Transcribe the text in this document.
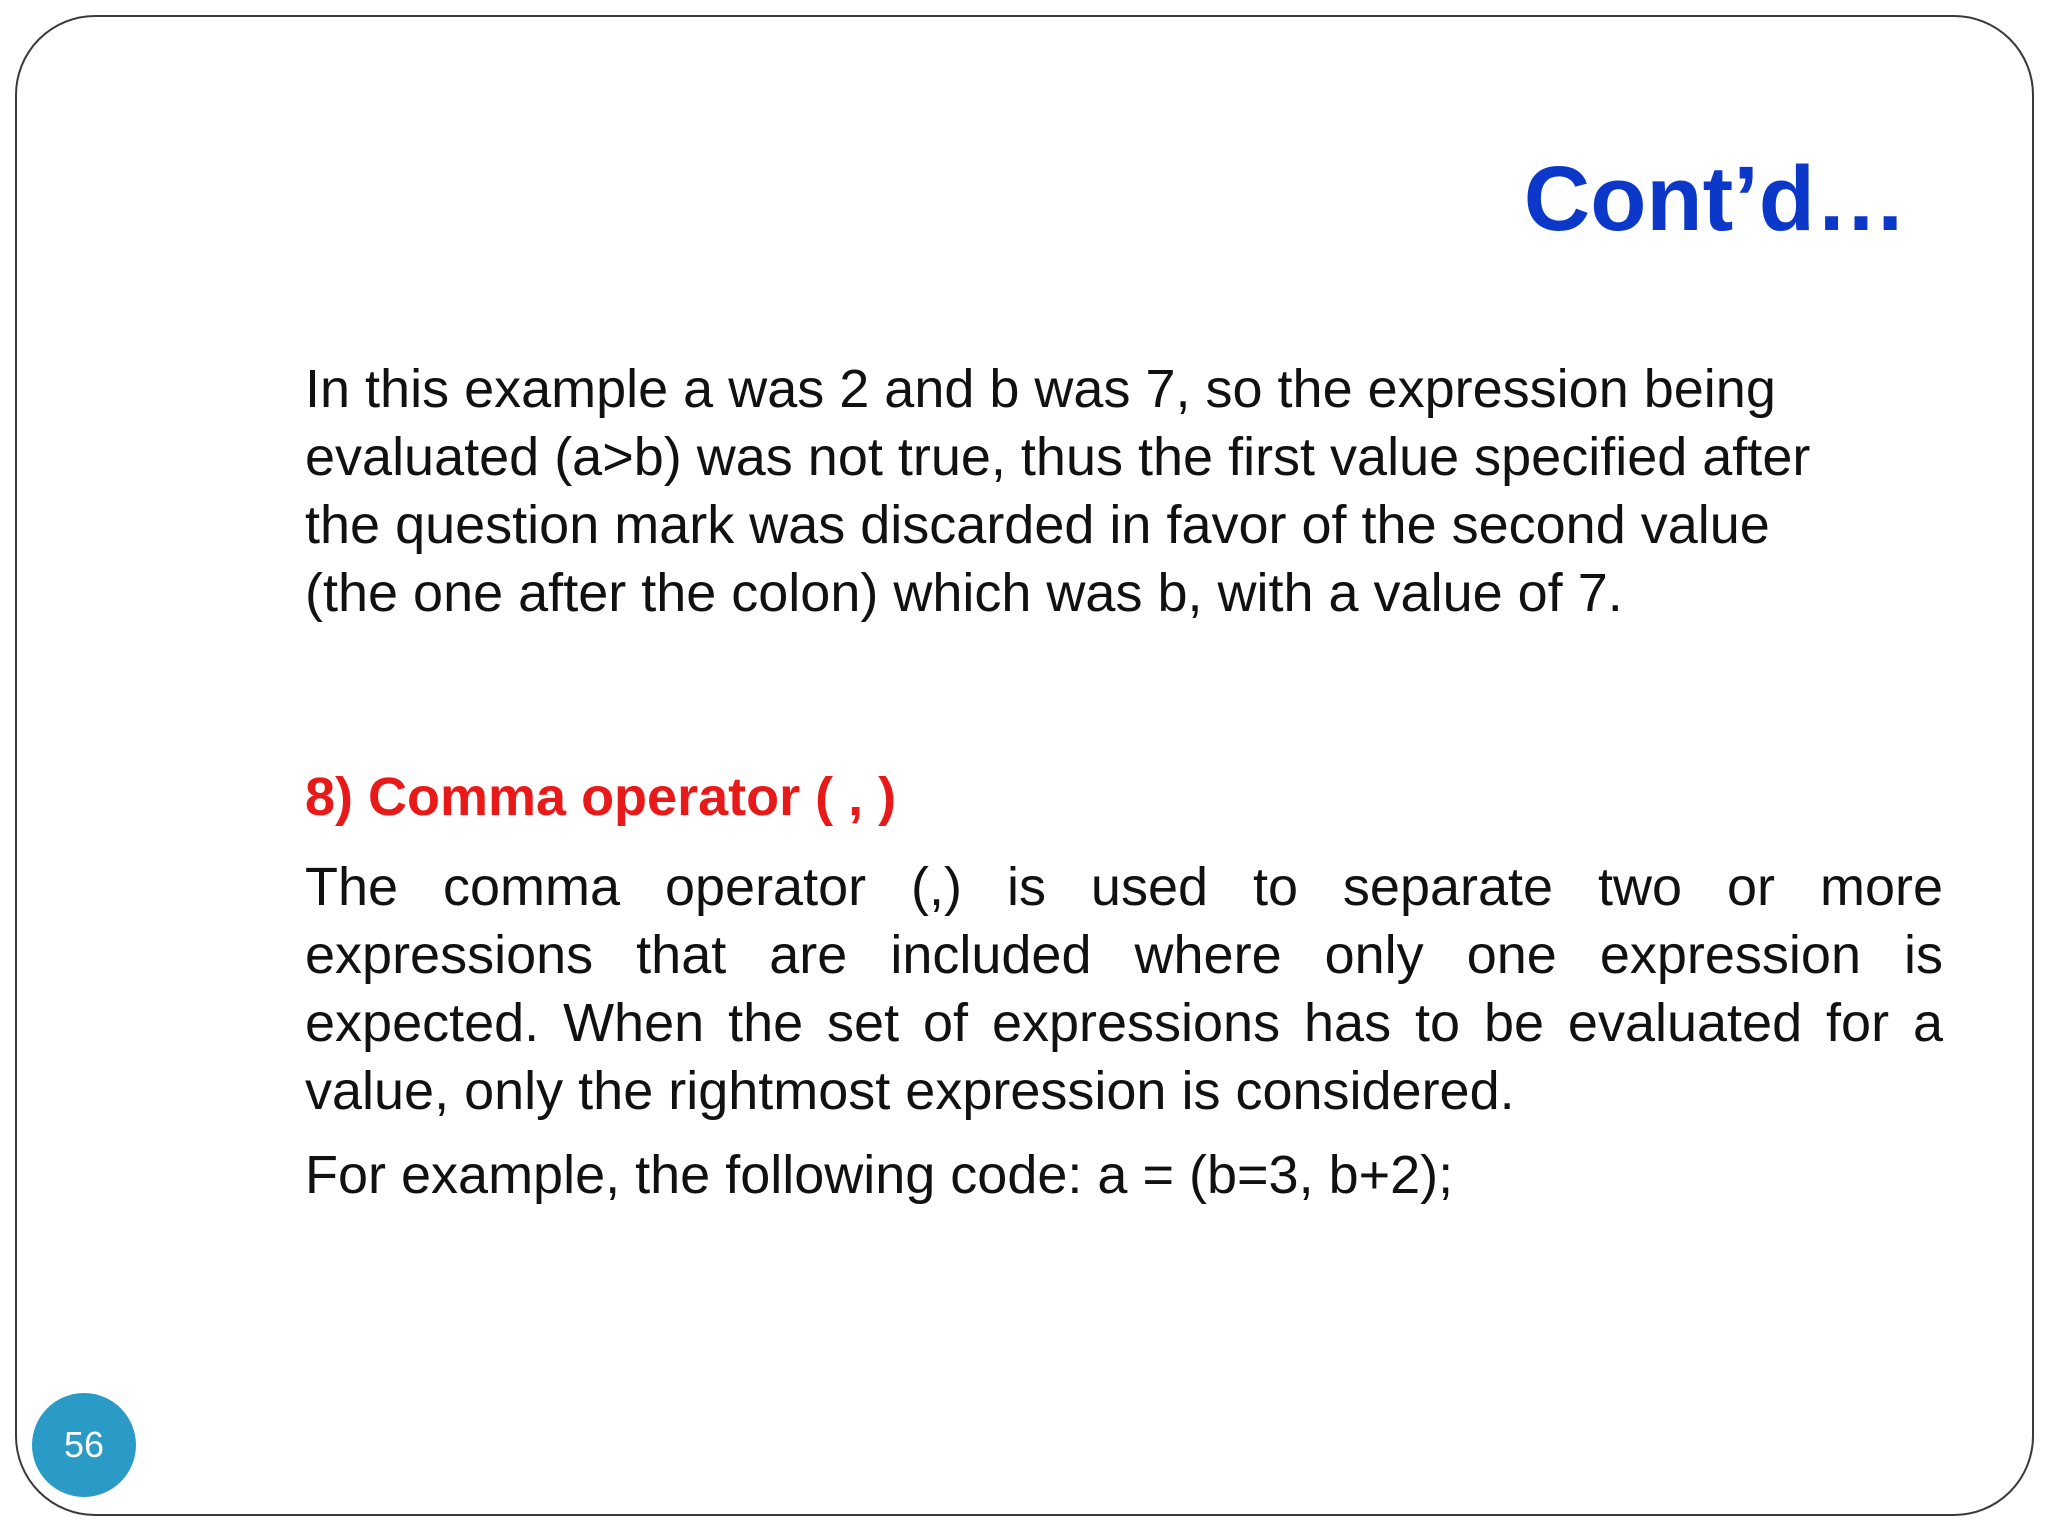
Cont’d…

In this example a was 2 and b was 7, so the expression being
evaluated (a>b) was not true, thus the first value specified after
the question mark was discarded in favor of the second value
(the one after the colon) which was b, with a value of 7.

8) Comma operator ( , )

The comma operator (,) is used to separate two or more expressions that are included where only one expression is expected. When the set of expressions has to be evaluated for a value, only the rightmost expression is considered.

For example, the following code: a = (b=3, b+2);

56
